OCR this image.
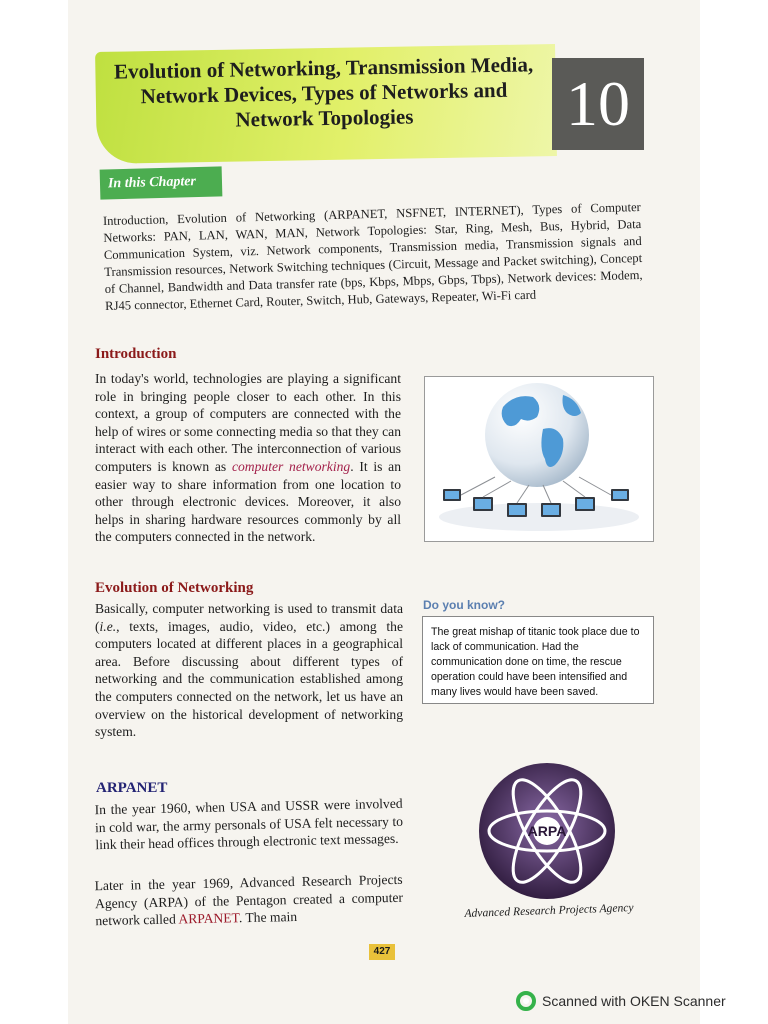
Evolution of Networking, Transmission Media,
Network Devices, Types of Networks and
Network Topologies	10
In this Chapter
Introduction, Evolution of Networking (ARPANET, NSFNET, INTERNET), Types of Computer Networks: PAN, LAN, WAN, MAN, Network Topologies: Star, Ring, Mesh, Bus, Hybrid, Data Communication System, viz. Network components, Transmission media, Transmission signals and Transmission resources, Network Switching techniques (Circuit, Message and Packet switching), Concept of Channel, Bandwidth and Data transfer rate (bps, Kbps, Mbps, Gbps, Tbps), Network devices: Modem, RJ45 connector, Ethernet Card, Router, Switch, Hub, Gateways, Repeater, Wi-Fi card
Introduction
In today's world, technologies are playing a significant role in bringing people closer to each other. In this context, a group of computers are connected with the help of wires or some connecting media so that they can interact with each other. The interconnection of various computers is known as computer networking. It is an easier way to share information from one location to other through electronic devices. Moreover, it also helps in sharing hardware resources commonly by all the computers connected in the network.
Evolution of Networking
Basically, computer networking is used to transmit data (i.e., texts, images, audio, video, etc.) among the computers located at different places in a geographical area. Before discussing about different types of networking and the communication established among the computers connected on the network, let us have an overview on the historical development of networking system.
Do you know?
The great mishap of titanic took place due to lack of communication. Had the communication done on time, the rescue operation could have been intensified and many lives would have been saved.
ARPANET
In the year 1960, when USA and USSR were involved in cold war, the army personals of USA felt necessary to link their head offices through electronic text messages.
Later in the year 1969, Advanced Research Projects Agency (ARPA) of the Pentagon created a computer network called ARPANET. The main
ARPA
Advanced Research Projects Agency
427
Scanned with OKEN Scanner
